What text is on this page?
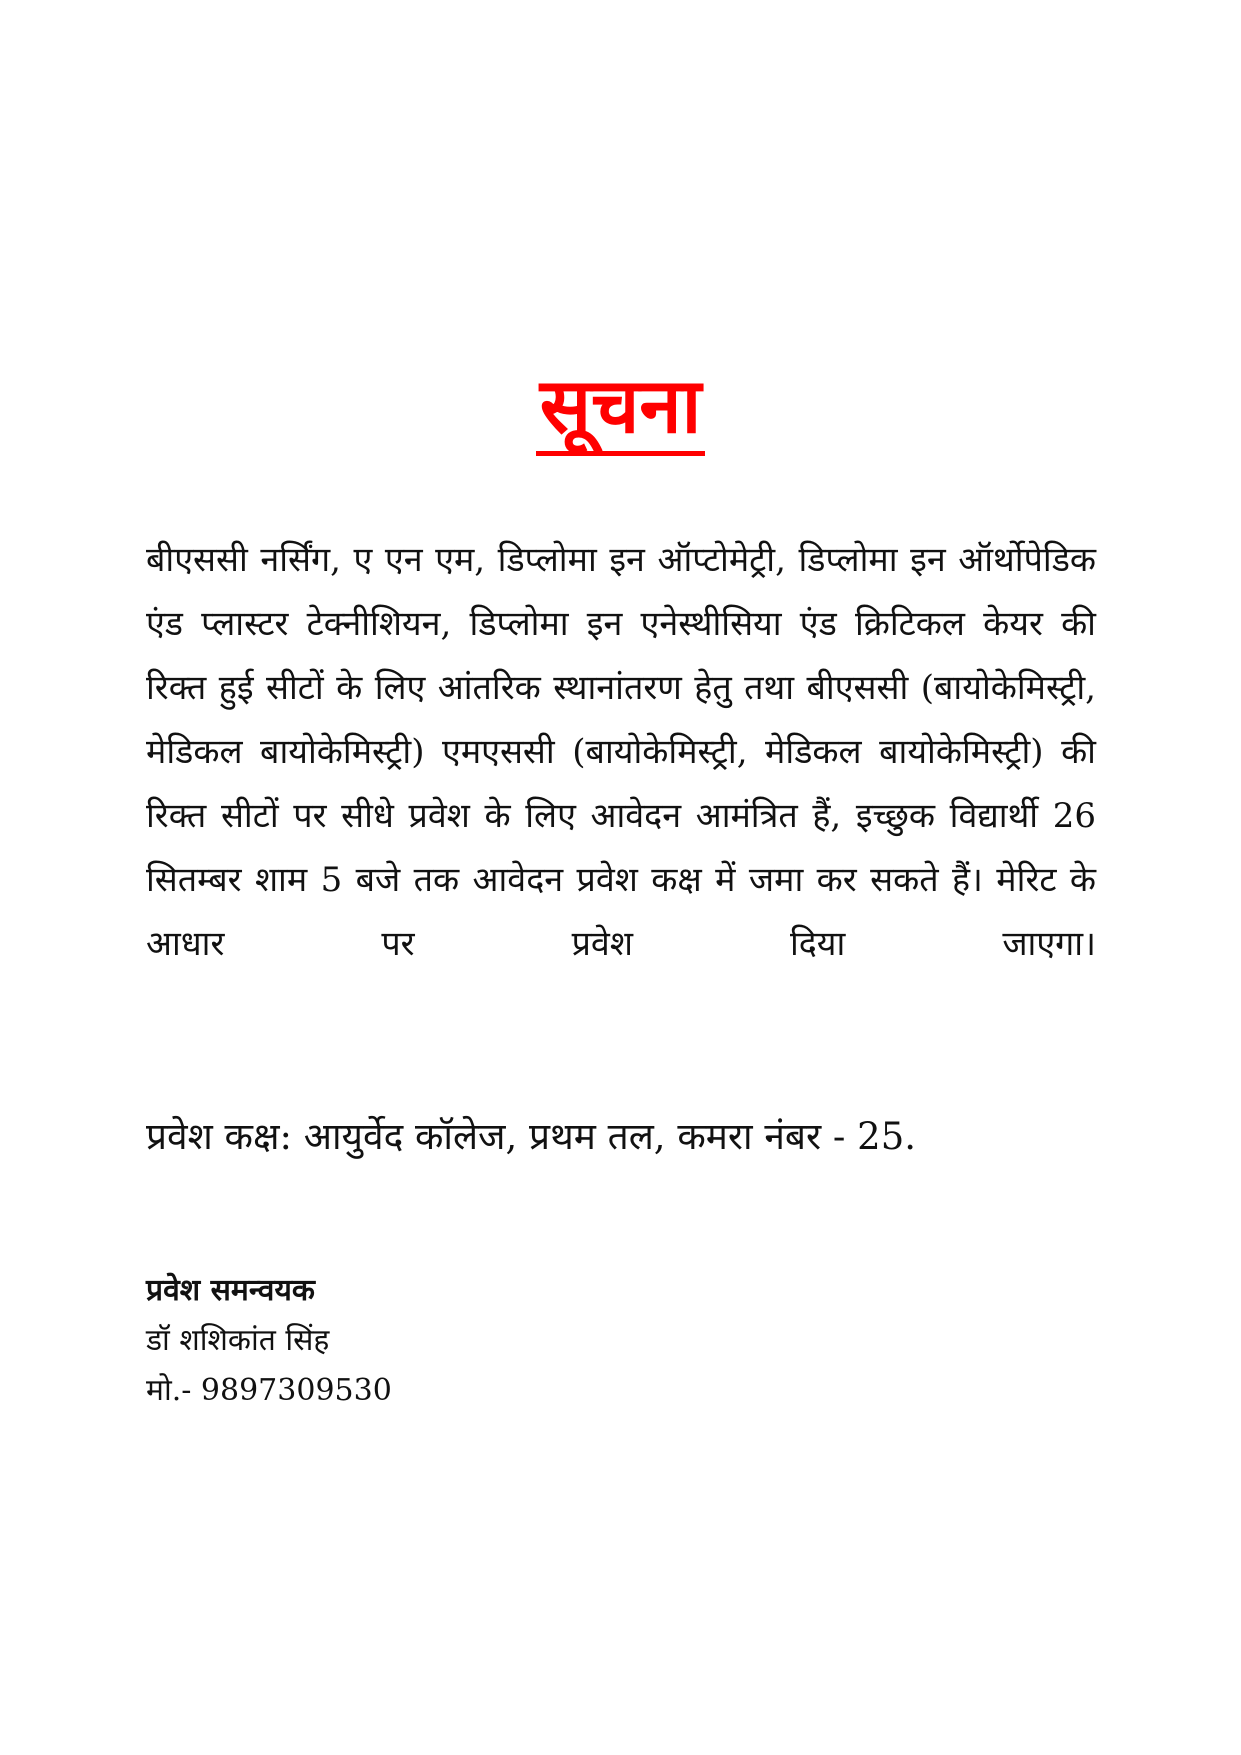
सूचना

बीएससी नर्सिंग, ए एन एम, डिप्लोमा इन ऑप्टोमेट्री, डिप्लोमा इन ऑर्थोपेडिक एंड प्लास्टर टेक्नीशियन, डिप्लोमा इन एनेस्थीसिया एंड क्रिटिकल केयर की रिक्त हुई सीटों के लिए आंतरिक स्थानांतरण हेतु तथा बीएससी (बायोकेमिस्ट्री, मेडिकल बायोकेमिस्ट्री) एमएससी (बायोकेमिस्ट्री, मेडिकल बायोकेमिस्ट्री) की रिक्त सीटों पर सीधे प्रवेश के लिए आवेदन आमंत्रित हैं, इच्छुक विद्यार्थी 26 सितम्बर शाम 5 बजे तक आवेदन प्रवेश कक्ष में जमा कर सकते हैं। मेरिट के आधार पर प्रवेश दिया जाएगा।

प्रवेश कक्ष: आयुर्वेद कॉलेज, प्रथम तल, कमरा नंबर - 25.

प्रवेश समन्वयक
डॉ शशिकांत सिंह
मो.- 9897309530
